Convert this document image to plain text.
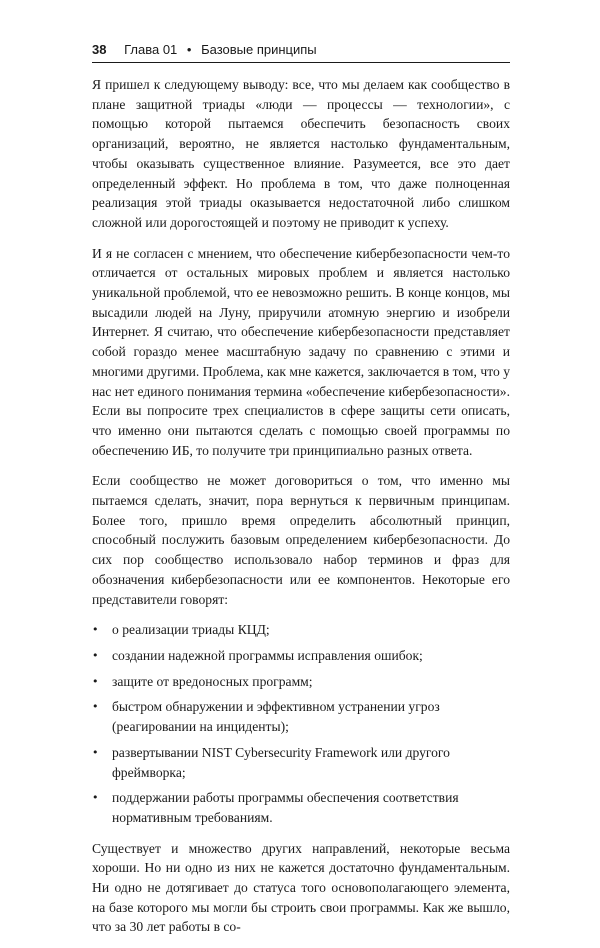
38 Глава 01 • Базовые принципы

Я пришел к следующему выводу: все, что мы делаем как сообщество в плане защитной триады «люди — процессы — технологии», с помощью которой пытаемся обеспечить безопасность своих организаций, вероятно, не является настолько фундаментальным, чтобы оказывать существенное влияние. Разумеется, все это дает определенный эффект. Но проблема в том, что даже полноценная реализация этой триады оказывается недостаточной либо слишком сложной или дорогостоящей и поэтому не приводит к успеху.

И я не согласен с мнением, что обеспечение кибербезопасности чем-то отличается от остальных мировых проблем и является настолько уникальной проблемой, что ее невозможно решить. В конце концов, мы высадили людей на Луну, приручили атомную энергию и изобрели Интернет. Я считаю, что обеспечение кибербезопасности представляет собой гораздо менее масштабную задачу по сравнению с этими и многими другими. Проблема, как мне кажется, заключается в том, что у нас нет единого понимания термина «обеспечение кибербезопасности». Если вы попросите трех специалистов в сфере защиты сети описать, что именно они пытаются сделать с помощью своей программы по обеспечению ИБ, то получите три принципиально разных ответа.

Если сообщество не может договориться о том, что именно мы пытаемся сделать, значит, пора вернуться к первичным принципам. Более того, пришло время определить абсолютный принцип, способный послужить базовым определением кибербезопасности. До сих пор сообщество использовало набор терминов и фраз для обозначения кибербезопасности или ее компонентов. Некоторые его представители говорят:

• о реализации триады КЦД;
• создании надежной программы исправления ошибок;
• защите от вредоносных программ;
• быстром обнаружении и эффективном устранении угроз (реагировании на инциденты);
• развертывании NIST Cybersecurity Framework или другого фреймворка;
• поддержании работы программы обеспечения соответствия нормативным требованиям.

Существует и множество других направлений, некоторые весьма хороши. Но ни одно из них не кажется достаточно фундаментальным. Ни одно не дотягивает до статуса того основополагающего элемента, на базе которого мы могли бы строить свои программы. Как же вышло, что за 30 лет работы в со-
